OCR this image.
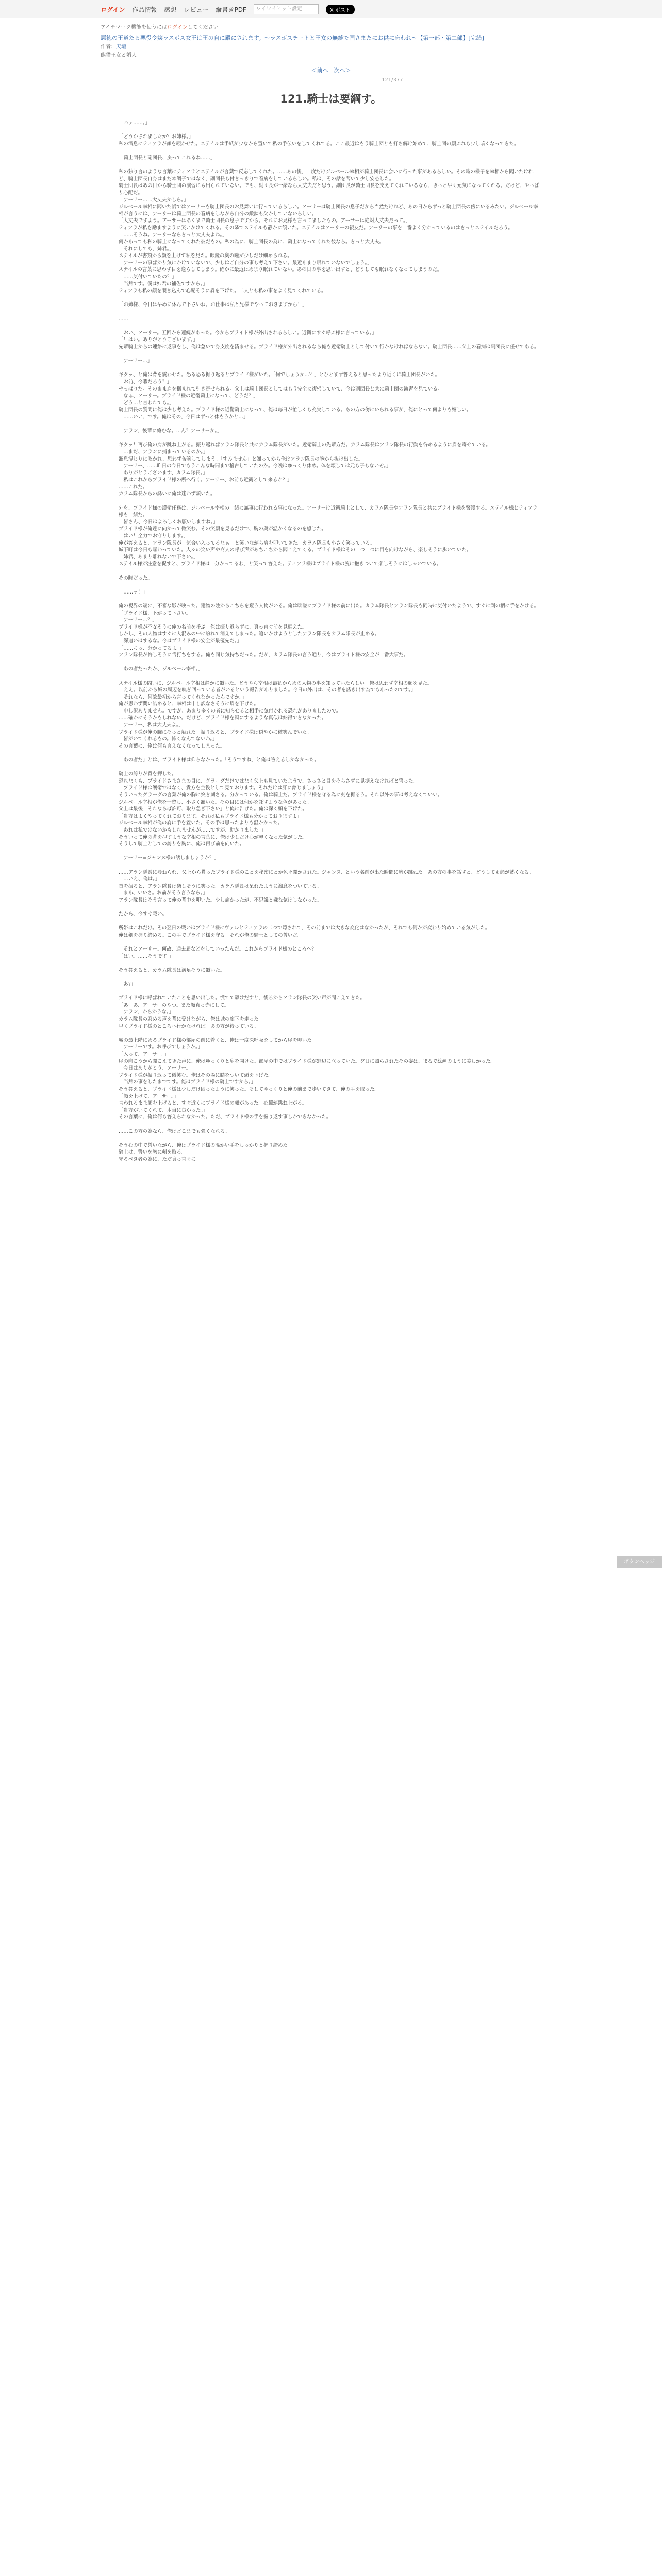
ログイン 作品情報 感想 レビュー 縦書きPDF	ワイワイヒット設定	X ポスト
アイテマーク機能を使うにはログインしてください。
悪徳の王道たる悪役令嬢ラスボス女王は王の自に殿にされます。〜ラスボスチートと王女の無縫で国さまたにお供に忘われ〜【第一部・第二部】[完結]
作者：天壇
熊猫王女と婚人
＜前へ　次へ＞
121/377
121.騎士は要綱す。

「ハァ……。」

「どうかされましたか？お姉様。」

私の溜息にティアラが顔を覗かせた。ステイルは手紙が少なから置いて私の手伝いをしてくれてる。ここ最近はもう騎士団とも打ち解け始めて、騎士団の顔ぶれも少し暗くなってきた。

「騎士団長と副団長、戻ってこれるね……」

私の独り言のような言葉にティアラとステイルが言葉で反応してくれた。……あの後、一度だけジルベール宰相が騎士団長に会いに行った事があるらしい。その時の様子を宰相から聞いたけれど、騎士団長自身はまだ本調子ではなく、副団長も付きっきりで看病をしているらしい。私は、その話を聞いて少し安心した。

騎士団長はあの日から騎士団の演習にも出られていない。でも、副団長が一緒なら大丈夫だと思う。副団長が騎士団長を支えてくれているなら、きっと早く元気になってくれる。だけど、やっぱり心配だ。

「アーサー……大丈夫かしら。」

ジルベール宰相に聞いた話ではアーサーも騎士団長のお見舞いに行っているらしい。アーサーは騎士団長の息子だから当然だけれど、あの日からずっと騎士団長の傍にいるみたい。ジルベール宰相が言うには、アーサーは騎士団長の看病をしながら自分の鍛錬も欠かしていないらしい。

「大丈夫ですよう。アーサーはあくまで騎士団長の息子ですから。それにお兄様も言ってましたもの。アーサーは絶対大丈夫だって。」

ティアラが私を励ますように笑いかけてくれる。その隣でステイルも静かに頷いた。ステイルはアーサーの親友だ。アーサーの事を一番よく分かっているのはきっとステイルだろう。

「……そうね。アーサーならきっと大丈夫よね。」

何かあっても私の騎士になってくれた彼だもの。私の為に、騎士団長の為に、騎士になってくれた彼なら。きっと大丈夫。

「それにしても、姉君。」

ステイルが書類から顔を上げて私を見た。眼鏡の奥の瞳が少しだけ細められる。

「アーサーの事ばかり気にかけていないで、少しはご自分の事も考えて下さい。最近あまり眠れていないでしょう。」

ステイルの言葉に思わず目を逸らしてしまう。確かに最近はあまり眠れていない。あの日の事を思い出すと、どうしても眠れなくなってしまうのだ。

「……気付いていたの？」

「当然です。僕は姉君の補佐ですから。」

ティアラも私の顔を覗き込んで心配そうに眉を下げた。二人とも私の事をよく見てくれている。

「お姉様、今日は早めに休んで下さいね。お仕事は私と兄様でやっておきますから！」

……

「おい、アーサー。五回から連続があった。今からプライド様が外出されるらしい。近衛にすぐ呼ぶ様に言っている。」

「！はい。ありがとうございます。」

先輩騎士からの連絡に返事をし、俺は急いで身支度を済ませる。プライド様が外出されるなら俺も近衛騎士として付いて行かなければならない。騎士団長……父上の看病は副団長に任せてある。

「アーサー…」

ギクッ、と俺は背を震わせた。恐る恐る振り返るとプライド様がいた。「何でしょうか…？」とひとまず答えると思ったより近くに騎士団長がいた。

「お前、今暇だろう？」

やっぱりだ。そのまま肩を掴まれて引き寄せられる。父上は騎士団長としてはもう完全に復帰していて、今は副団長と共に騎士団の演習を見ている。

「なぁ、アーサー。プライド様の近衛騎士になって、どうだ？」

「どう…と言われても。」

騎士団長の質問に俺は少し考えた。プライド様の近衛騎士になって、俺は毎日が忙しくも充実している。あの方の傍にいられる事が、俺にとって何よりも嬉しい。

「……いい、です。俺はその、今日はずっと休もうかと…」

「アラン、後輩に絡むな。…ん？アーサーか。」

ギクッ！再び俺の肩が跳ね上がる。振り返ればアラン隊長と共にカラム隊長がいた。近衛騎士の先輩方だ。カラム隊長はアラン隊長の行動を咎めるように眉を寄せている。

「…まだ、アランに捕まっているのか。」

溜息混じりに呟かれ、思わず苦笑してしまう。「すみません」と謝ってから俺はアラン隊長の腕から抜け出した。

「アーサー、……昨日の今日でもうこんな時間まで稽古していたのか。今晩はゆっくり休め。体を壊しては元も子もないぞ。」

「ありがとうございます、カラム隊長。」

「私はこれからプライド様の所へ行く。アーサー、お前も近衛として来るか？」

……これだ。

カラム隊長からの誘いに俺は迷わず頷いた。

外を、プライド様の護衛任務は、ジルベール宰相の一緒に無事に行われる事になった。アーサーは近衛騎士として、カラム隊長やアラン隊長と共にプライド様を警護する。ステイル様とティアラ様も一緒だ。

「皆さん、今日はよろしくお願いしますね。」

プライド様が俺達に向かって微笑む。その笑顔を見るだけで、胸の奥が温かくなるのを感じた。

「はい！全力でお守りします。」

俺が答えると、アラン隊長が「気合い入ってるなぁ」と笑いながら肩を叩いてきた。カラム隊長も小さく笑っている。

城下町は今日も賑わっていた。人々の笑い声や商人の呼び声があちこちから聞こえてくる。プライド様はその一つ一つに目を向けながら、楽しそうに歩いていた。

「姉君、あまり離れないで下さい。」

ステイル様が注意を促すと、プライド様は「分かってるわ」と笑って答えた。ティアラ様はプライド様の腕に抱きついて楽しそうにはしゃいでいる。

その時だった。

「……ッ！」

俺の視界の端に、不審な影が映った。建物の陰からこちらを窺う人物がいる。俺は咄嗟にプライド様の前に出た。カラム隊長とアラン隊長も同時に気付いたようで、すぐに剣の柄に手をかける。

「プライド様、下がって下さい。」

「アーサー…？」

プライド様が不安そうに俺の名前を呼ぶ。俺は振り返らずに、真っ直ぐ前を見据えた。

しかし、その人物はすぐに人混みの中に紛れて消えてしまった。追いかけようとしたアラン隊長をカラム隊長が止める。

「深追いはするな。今はプライド様の安全が最優先だ。」

「……ちっ、分かってるよ。」

アラン隊長が悔しそうに舌打ちをする。俺も同じ気持ちだった。だが、カラム隊長の言う通り、今はプライド様の安全が一番大事だ。

「あの者だったか、ジルベール宰相。」

ステイル様の問いに、ジルベール宰相は静かに頷いた。どうやら宰相は最初からあの人物の事を知っていたらしい。俺は思わず宰相の顔を見た。

「ええ。以前から城の周辺を嗅ぎ回っている者がいるという報告がありました。今日の外出は、その者を誘き出す為でもあったのです。」

「それなら、何故最初から言ってくれなかったんですか。」

俺が思わず問い詰めると、宰相は申し訳なさそうに眉を下げた。

「申し訳ありません。ですが、あまり多くの者に知らせると相手に気付かれる恐れがありましたので。」

……確かにそうかもしれない。だけど、プライド様を囮にするような真似は納得できなかった。

「アーサー、私は大丈夫よ。」

プライド様が俺の腕にそっと触れた。振り返ると、プライド様は穏やかに微笑んでいた。

「皆がいてくれるもの。怖くなんてないわ。」

その言葉に、俺は何も言えなくなってしまった。

「あの者だ」とは、プライド様は仰らなかった。「そうですね」と俺は答えるしかなかった。

騎士の誇りが背を押した。

恐れなくも、プライドさまさまの目に、グラーグだけではなく父上も見ていたようで、さっさと目をそらさずに見据えなければと誓った。

「プライド様は護衛ではなく、貴方を主役として見ております。それだけは肝に銘じましょう」

そういったグラーグの言葉が俺の胸に突き刺さる。分かっている。俺は騎士だ。プライド様を守る為に剣を振るう。それ以外の事は考えなくていい。

ジルベール宰相が俺を一瞥し、小さく頷いた。その目には何かを託すような色があった。

父上は最後「それならば許可、取り急ぎ下さい」と俺に告げた。俺は深く頭を下げた。

「貴方はよくやってくれております。それは私もプライド様も分かっておりますよ」

ジルベール宰相が俺の肩に手を置いた。その手は思ったよりも温かかった。

「あれは私ではないかもしれませんが……ですが、助かりました。」

そういって俺の背を押すような宰相の言葉に、俺は少しだけ心が軽くなった気がした。

そうして騎士としての誇りを胸に、俺は再び前を向いた。

「アーサー=ジャンヌ様の話しましょうか？」

……アラン隊長に尋ねられ、父上から貰ったプライド様のことを秘密にとか色々聞かされた。ジャンヌ、という名前が出た瞬間に胸が跳ねた。あの方の事を話すと、どうしても顔が熱くなる。

「…いえ、俺は。」

首を振ると、アラン隊長は楽しそうに笑った。カラム隊長は呆れたように溜息をついている。

「まあ、いいさ。お前がそう言うなら。」

アラン隊長はそう言って俺の背中を叩いた。少し痛かったが、不思議と嫌な気はしなかった。

たから、今すぐ戦い。

所帯はこれだけ。その翌日の戦いはプライド様にヴァルとティアラの二つで隠されて、その前までは大きな変化はなかったが、それでも何かが変わり始めている気がした。

俺は剣を握り締める。この手でプライド様を守る。それが俺の騎士としての誓いだ。

「それとアーサー。何故、通去届などをしていったんだ。これからプライド様のところへ？」

「はい。……そうです。」

そう答えると、カラム隊長は満足そうに頷いた。

「あ?」

プライド様に呼ばれていたことを思い出した。慌てて駆けだすと、後ろからアラン隊長の笑い声が聞こえてきた。

「あーあ、アーサーのやつ。また顔真っ赤にして。」

「アラン、からかうな。」

カラム隊長の窘める声を背に受けながら、俺は城の廊下を走った。

早くプライド様のところへ行かなければ。あの方が待っている。

城の最上階にあるプライド様の部屋の前に着くと、俺は一度深呼吸をしてから扉を叩いた。

「アーサーです。お呼びでしょうか。」

「入って、アーサー。」

扉の向こうから聞こえてきた声に、俺はゆっくりと扉を開けた。部屋の中ではプライド様が窓辺に立っていた。夕日に照らされたその姿は、まるで絵画のように美しかった。

「今日はありがとう、アーサー。」

プライド様が振り返って微笑む。俺はその場に膝をついて頭を下げた。

「当然の事をしたまでです。俺はプライド様の騎士ですから。」

そう答えると、プライド様は少しだけ困ったように笑った。そしてゆっくりと俺の前まで歩いてきて、俺の手を取った。

「顔を上げて、アーサー。」

言われるまま顔を上げると、すぐ近くにプライド様の顔があった。心臓が跳ね上がる。

「貴方がいてくれて、本当に良かった。」

その言葉に、俺は何も答えられなかった。ただ、プライド様の手を握り返す事しかできなかった。

……この方の為なら、俺はどこまでも強くなれる。

そう心の中で誓いながら、俺はプライド様の温かい手をしっかりと握り締めた。

騎士は、誓いを胸に剣を取る。

守るべき者の為に、ただ真っ直ぐに。

ボタンヘッジ
